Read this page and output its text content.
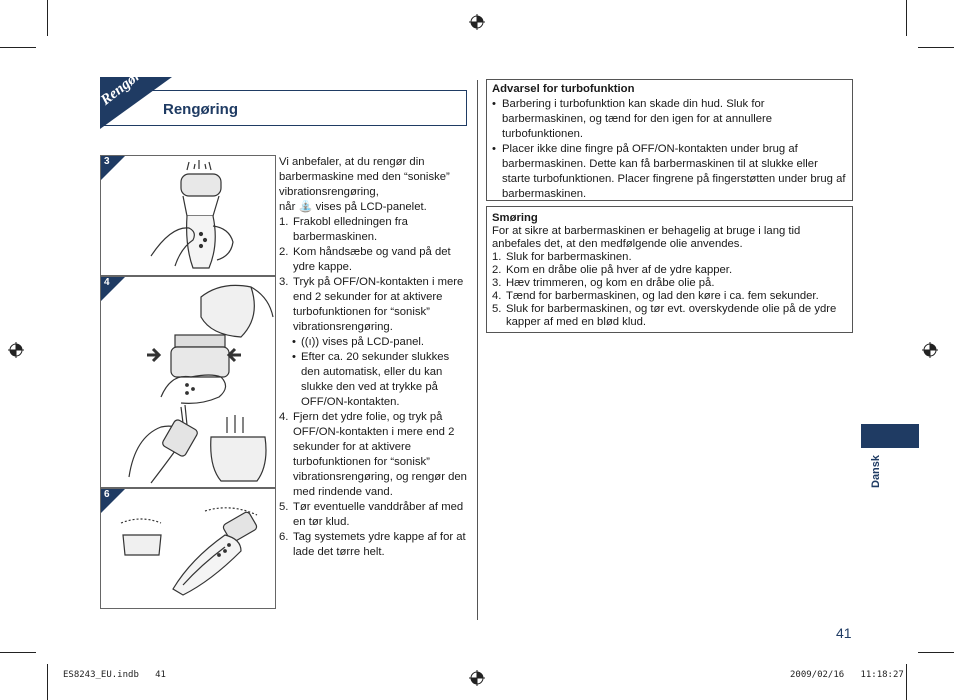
Rengør
Rengøring
3
4
6

Vi anbefaler, at du rengør din barbermaskine med den “soniske” vibrationsrengøring,

når ⛲ vises på LCD-panelet.

1. Frakobl elledningen fra barbermaskinen.
2. Kom håndsæbe og vand på det ydre kappe.
3. Tryk på OFF/ON-kontakten i mere end 2 sekunder for at aktivere turbofunktionen for “sonisk” vibrationsrengøring.
• ((ı)) vises på LCD-panel.
• Efter ca. 20 sekunder slukkes den automatisk, eller du kan slukke den ved at trykke på OFF/ON-kontakten.
4. Fjern det ydre folie, og tryk på OFF/ON-kontakten i mere end 2 sekunder for at aktivere turbofunktionen for “sonisk” vibrationsrengøring, og rengør den med rindende vand.
5. Tør eventuelle vanddråber af med en tør klud.
6. Tag systemets ydre kappe af for at lade det tørre helt.
Advarsel for turbofunktion
• Barbering i turbofunktion kan skade din hud. Sluk for barbermaskinen, og tænd for den igen for at annullere turbofunktionen.
• Placer ikke dine fingre på OFF/ON-kontakten under brug af barbermaskinen. Dette kan få barbermaskinen til at slukke eller starte turbofunktionen. Placer fingrene på fingerstøtten under brug af barbermaskinen.
Smøring
For at sikre at barbermaskinen er behagelig at bruge i lang tid anbefales det, at den medfølgende olie anvendes.
1. Sluk for barbermaskinen.
2. Kom en dråbe olie på hver af de ydre kapper.
3. Hæv trimmeren, og kom en dråbe olie på.
4. Tænd for barbermaskinen, og lad den køre i ca. fem sekunder.
5. Sluk for barbermaskinen, og tør evt. overskydende olie på de ydre kapper af med en blød klud.
Dansk
41
ES8243_EU.indb   41	2009/02/16   11:18:27
